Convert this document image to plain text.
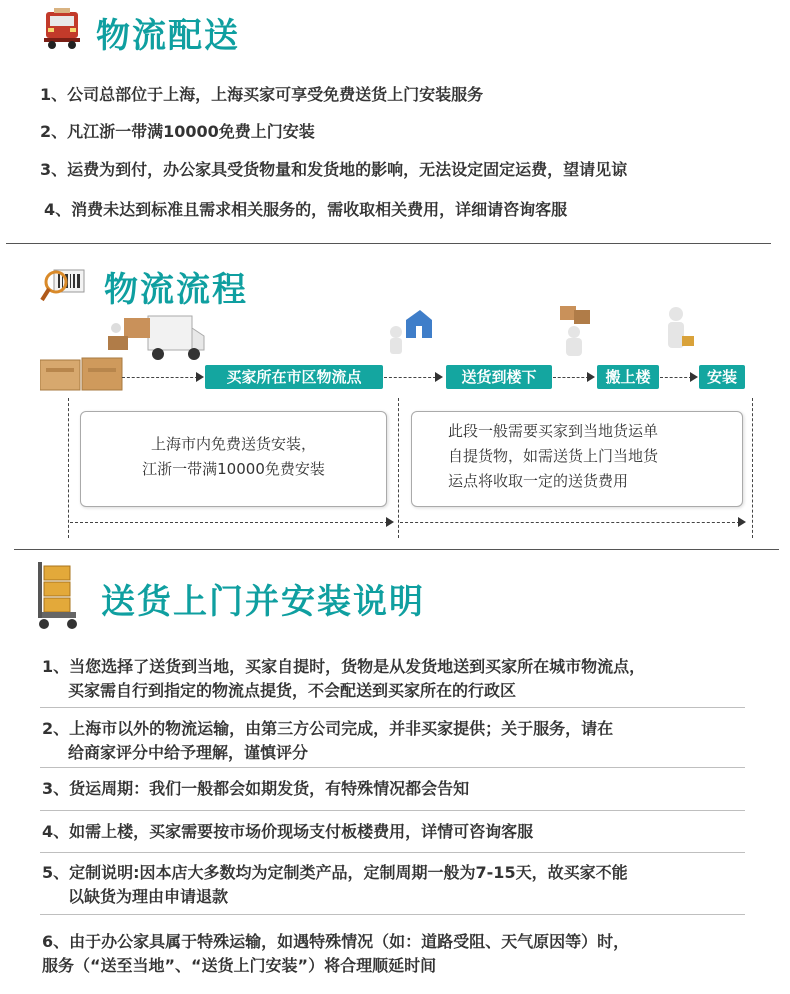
物流配送
1、公司总部位于上海，上海买家可享受免费送货上门安装服务
2、凡江浙一带满10000免费上门安装
3、运费为到付，办公家具受货物量和发货地的影响，无法设定固定运费，望请见谅
4、消费未达到标准且需求相关服务的，需收取相关费用，详细请咨询客服
物流流程
买家所在市区物流点	送货到楼下	搬上楼	安装
上海市内免费送货安装，
江浙一带满10000免费安装
此段一般需要买家到当地货运单
自提货物，如需送货上门当地货
运点将收取一定的送货费用
送货上门并安装说明
1、当您选择了送货到当地，买家自提时，货物是从发货地送到买家所在城市物流点，
买家需自行到指定的物流点提货，不会配送到买家所在的行政区
2、上海市以外的物流运输，由第三方公司完成，并非买家提供；关于服务，请在
给商家评分中给予理解，谨慎评分
3、货运周期：我们一般都会如期发货，有特殊情况都会告知
4、如需上楼，买家需要按市场价现场支付板楼费用，详情可咨询客服
5、定制说明:因本店大多数均为定制类产品，定制周期一般为7-15天，故买家不能
以缺货为理由申请退款
6、由于办公家具属于特殊运输，如遇特殊情况（如：道路受阻、天气原因等）时，
服务（“送至当地”、“送货上门安装”）将合理顺延时间
